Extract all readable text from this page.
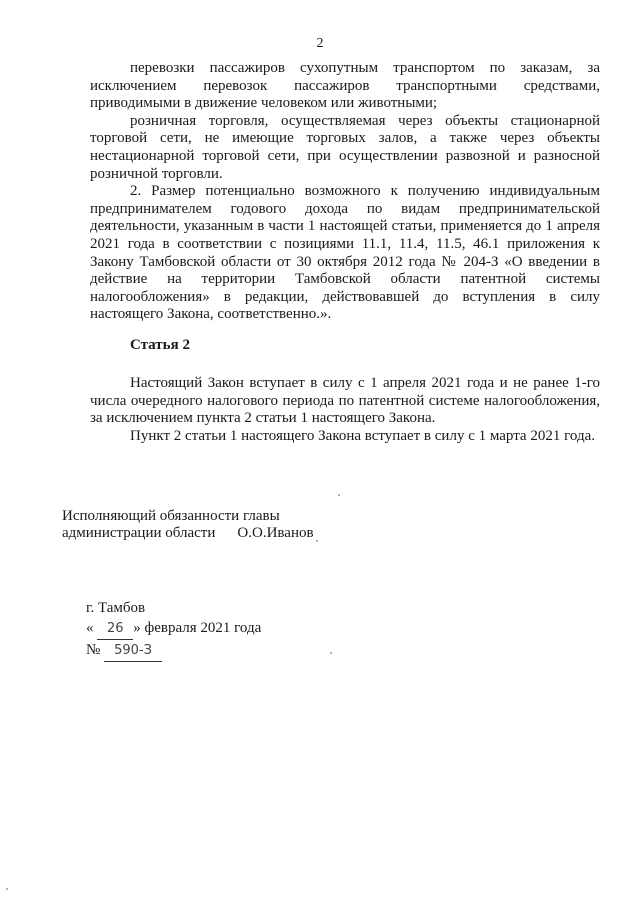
2

перевозки пассажиров сухопутным транспортом по заказам, за исключением перевозок пассажиров транспортными средствами, приводимыми в движение человеком или животными;

розничная торговля, осуществляемая через объекты стационарной торговой сети, не имеющие торговых залов, а также через объекты нестационарной торговой сети, при осуществлении развозной и разносной розничной торговли.

2. Размер потенциально возможного к получению индивидуальным предпринимателем годового дохода по видам предпринимательской деятельности, указанным в части 1 настоящей статьи, применяется до 1 апреля 2021 года в соответствии с позициями 11.1, 11.4, 11.5, 46.1 приложения к Закону Тамбовской области от 30 октября 2012 года № 204-З «О введении в действие на территории Тамбовской области патентной системы налогообложения» в редакции, действовавшей до вступления в силу настоящего Закона, соответственно.».

Статья 2

Настоящий Закон вступает в силу с 1 апреля 2021 года и не ранее 1-го числа очередного налогового периода по патентной системе налогообложения, за исключением пункта 2 статьи 1 настоящего Закона.

Пункт 2 статьи 1 настоящего Закона вступает в силу с 1 марта 2021 года.

Исполняющий обязанности главы
администрации области О.О.Иванов
г. Тамбов
« 26 » февраля 2021 года
№ 590-З
